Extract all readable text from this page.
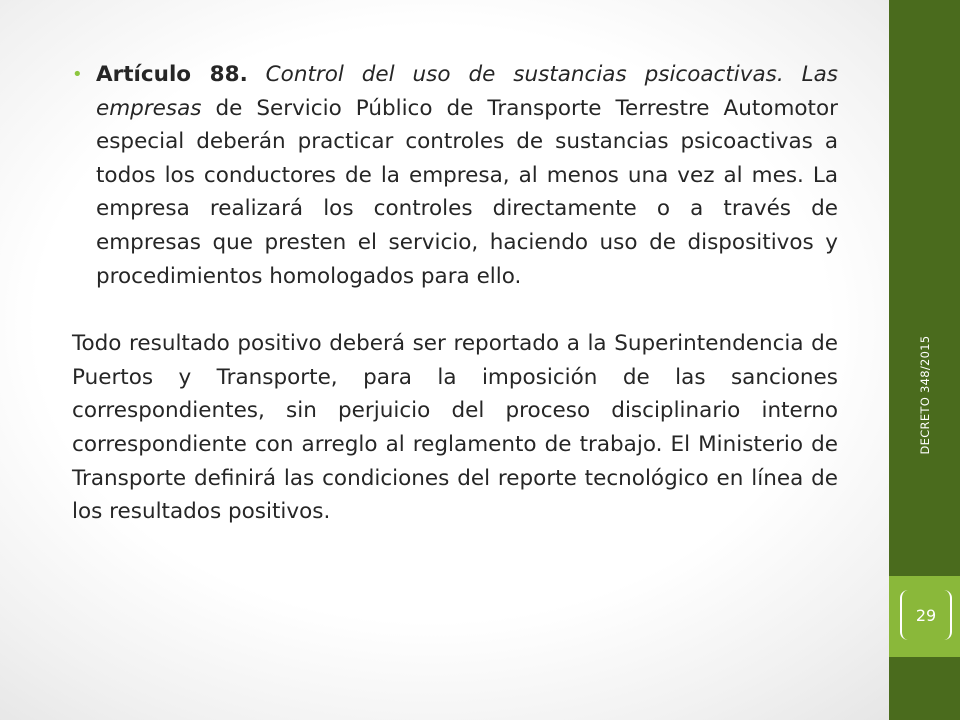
• Artículo 88. Control del uso de sustancias psicoactivas. Las empresas de Servicio Público de Transporte Terrestre Automotor especial deberán practicar controles de sustancias psicoactivas a todos los conductores de la empresa, al menos una vez al mes. La empresa realizará los controles directamente o a través de empresas que presten el servicio, haciendo uso de dispositivos y procedimientos homologados para ello.

Todo resultado positivo deberá ser reportado a la Superintendencia de Puertos y Transporte, para la imposición de las sanciones correspondientes, sin perjuicio del proceso disciplinario interno correspondiente con arreglo al reglamento de trabajo. El Ministerio de Transporte definirá las condiciones del reporte tecnológico en línea de los resultados positivos.

DECRETO 348/2015
29
